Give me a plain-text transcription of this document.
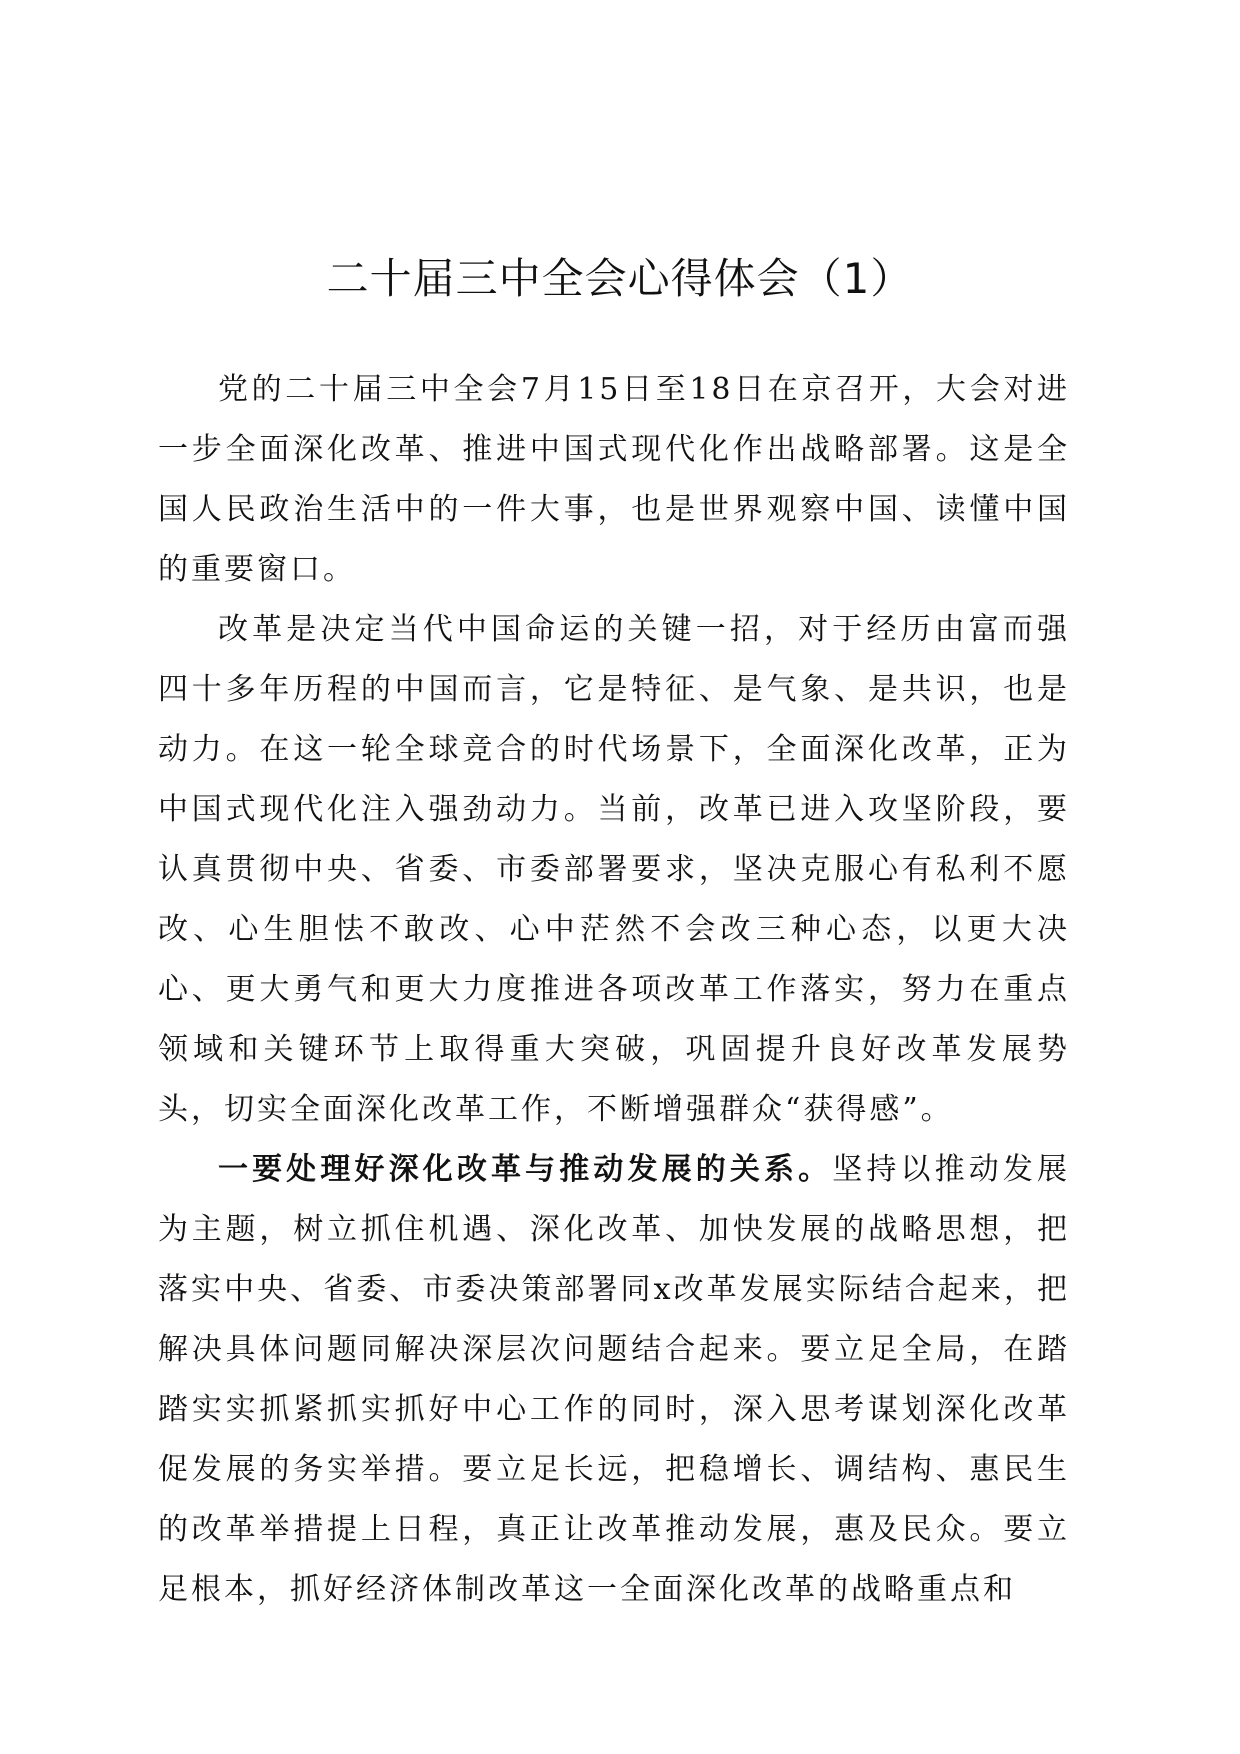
二十届三中全会心得体会（1）

党的二十届三中全会7月15日至18日在京召开，大会对进一步全面深化改革、推进中国式现代化作出战略部署。这是全国人民政治生活中的一件大事，也是世界观察中国、读懂中国的重要窗口。

改革是决定当代中国命运的关键一招，对于经历由富而强四十多年历程的中国而言，它是特征、是气象、是共识，也是动力。在这一轮全球竞合的时代场景下，全面深化改革，正为中国式现代化注入强劲动力。当前，改革已进入攻坚阶段，要认真贯彻中央、省委、市委部署要求，坚决克服心有私利不愿改、心生胆怯不敢改、心中茫然不会改三种心态，以更大决心、更大勇气和更大力度推进各项改革工作落实，努力在重点领域和关键环节上取得重大突破，巩固提升良好改革发展势头，切实全面深化改革工作，不断增强群众“获得感”。

一要处理好深化改革与推动发展的关系。坚持以推动发展为主题，树立抓住机遇、深化改革、加快发展的战略思想，把落实中央、省委、市委决策部署同x改革发展实际结合起来，把解决具体问题同解决深层次问题结合起来。要立足全局，在踏踏实实抓紧抓实抓好中心工作的同时，深入思考谋划深化改革促发展的务实举措。要立足长远，把稳增长、调结构、惠民生的改革举措提上日程，真正让改革推动发展，惠及民众。要立足根本，抓好经济体制改革这一全面深化改革的战略重点和
